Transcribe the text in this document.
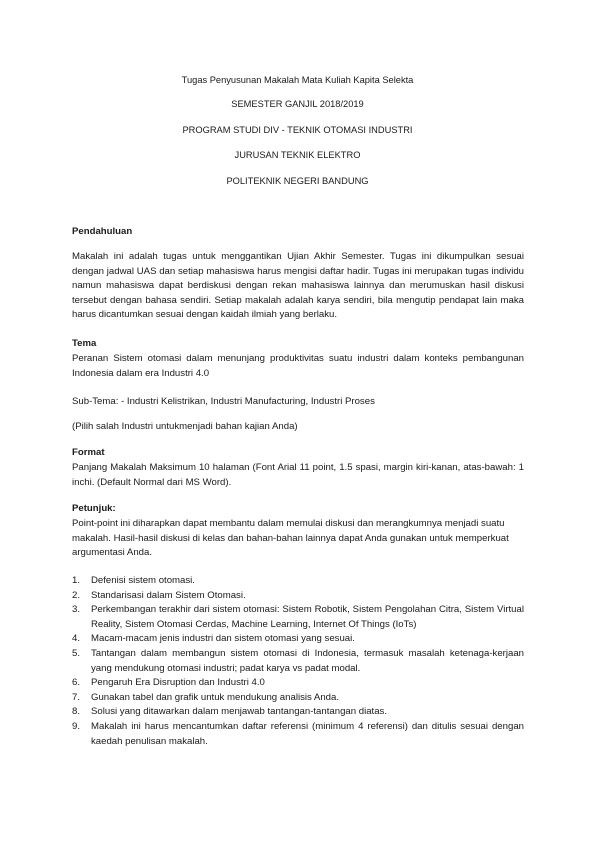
Tugas Penyusunan Makalah Mata Kuliah Kapita Selekta
SEMESTER GANJIL 2018/2019
PROGRAM STUDI DIV - TEKNIK OTOMASI INDUSTRI
JURUSAN TEKNIK ELEKTRO
POLITEKNIK NEGERI BANDUNG
Pendahuluan
Makalah ini adalah tugas untuk menggantikan Ujian Akhir Semester. Tugas ini dikumpulkan sesuai dengan jadwal UAS dan setiap mahasiswa harus mengisi daftar hadir. Tugas ini merupakan tugas individu namun mahasiswa dapat berdiskusi dengan rekan mahasiswa lainnya dan merumuskan hasil diskusi tersebut dengan bahasa sendiri. Setiap makalah adalah karya sendiri, bila mengutip pendapat lain maka harus dicantumkan sesuai dengan kaidah ilmiah yang berlaku.
Tema
Peranan Sistem otomasi dalam menunjang produktivitas suatu industri dalam konteks pembangunan Indonesia dalam era Industri 4.0
Sub-Tema: - Industri Kelistrikan, Industri Manufacturing, Industri Proses
(Pilih salah Industri untukmenjadi bahan kajian Anda)
Format
Panjang Makalah Maksimum 10 halaman (Font Arial 11 point, 1.5 spasi, margin kiri-kanan, atas-bawah: 1 inchi. (Default Normal dari MS Word).
Petunjuk:
Point-point ini diharapkan dapat membantu dalam memulai diskusi dan merangkumnya menjadi suatu makalah. Hasil-hasil diskusi di kelas dan bahan-bahan lainnya dapat Anda gunakan untuk memperkuat argumentasi Anda.
1. Defenisi sistem otomasi.
2. Standarisasi dalam Sistem Otomasi.
3. Perkembangan terakhir dari sistem otomasi: Sistem Robotik, Sistem Pengolahan Citra, Sistem Virtual Reality, Sistem Otomasi Cerdas, Machine Learning, Internet Of Things (IoTs)
4. Macam-macam jenis industri dan sistem otomasi yang sesuai.
5. Tantangan dalam membangun sistem otomasi di Indonesia, termasuk masalah ketenaga-kerjaan yang mendukung otomasi industri; padat karya vs padat modal.
6. Pengaruh Era Disruption dan Industri 4.0
7. Gunakan tabel dan grafik untuk mendukung analisis Anda.
8. Solusi yang ditawarkan dalam menjawab tantangan-tantangan diatas.
9. Makalah ini harus mencantumkan daftar referensi (minimum 4 referensi) dan ditulis sesuai dengan kaedah penulisan makalah.
